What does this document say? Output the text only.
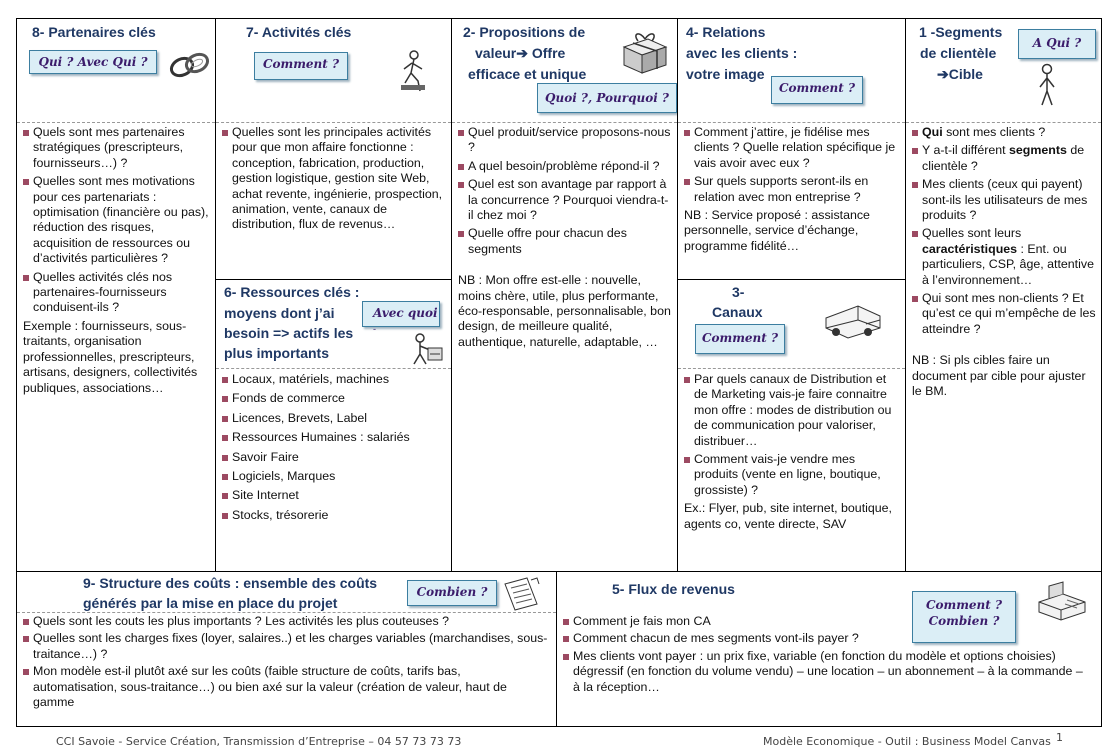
8- Partenaires clés
Qui ? Avec Qui ?
Quels sont mes partenaires stratégiques (prescripteurs, fournisseurs…) ?
Quelles sont mes motivations pour ces partenariats : optimisation (financière ou pas), réduction des risques, acquisition de ressources ou d’activités particulières ?
Quelles activités clés nos partenaires-fournisseurs conduisent-ils ?

Exemple : fournisseurs, sous-traitants, organisation professionnelles, prescripteurs, artisans, designers, collectivités publiques, associations…

7- Activités clés
Comment ?
Quelles sont les principales activités pour que mon affaire fonctionne : conception, fabrication, production, gestion logistique, gestion site Web, achat revente, ingénierie, prospection, animation, vente, canaux de distribution, flux de revenus…
6- Ressources clés :
moyens dont j’ai
besoin => actifs les
plus importants
Avec quoi
-
Locaux, matériels, machines
Fonds de commerce
Licences, Brevets, Label
Ressources Humaines : salariés
Savoir Faire
Logiciels, Marques
Site Internet
Stocks, trésorerie
2- Propositions de
valeur➔ Offre
efficace et unique
Quoi ?, Pourquoi ?
Quel produit/service proposons-nous ?
A quel besoin/problème répond-il ?
Quel est son avantage par rapport à la concurrence ? Pourquoi viendra-t-il chez moi ?
Quelle offre pour chacun des segments

NB : Mon offre est-elle : nouvelle, moins chère, utile, plus performante, éco-responsable, personnalisable, bon design, de meilleure qualité, authentique, naturelle, adaptable, …

4- Relations
avec les clients :
votre image
Comment ?
Comment j’attire, je fidélise mes clients ? Quelle relation spécifique je vais avoir avec eux ?
Sur quels supports seront-ils en relation avec mon entreprise ?

NB : Service proposé : assistance personnelle, service d’échange, programme fidélité…

3-
Canaux
Comment ?
Par quels canaux de Distribution et de Marketing vais-je faire connaitre mon offre : modes de distribution ou de communication pour valoriser, distribuer…
Comment vais-je vendre mes produits (vente en ligne, boutique, grossiste) ?

Ex.: Flyer, pub, site internet, boutique, agents co, vente directe, SAV

1 -Segments
de clientèle
➔Cible
A Qui ?
Qui sont mes clients ?
Y a-t-il différent segments de clientèle ?
Mes clients (ceux qui payent) sont-ils les utilisateurs de mes produits ?
Quelles sont leurs caractéristiques : Ent. ou particuliers, CSP, âge, attentive à l’environnement…
Qui sont mes non-clients ? Et qu’est ce qui m’empêche de les atteindre ?

NB : Si pls cibles faire un document par cible pour ajuster le BM.

9- Structure des coûts : ensemble des coûts
générés par la mise en place du projet
Combien ?
Quels sont les couts les plus importants ? Les activités les plus couteuses ?
Quelles sont les charges fixes (loyer, salaires..) et les charges variables (marchandises, sous-traitance…) ?
Mon modèle est-il plutôt axé sur les coûts (faible structure de coûts, tarifs bas, automatisation, sous-traitance…) ou bien axé sur la valeur (création de valeur, haut de gamme
5- Flux de revenus
Comment ?
Combien ?
Comment je fais mon CA
Comment chacun de mes segments vont-ils payer ?
Mes clients vont payer : un prix fixe, variable (en fonction du modèle et options choisies) dégressif (en fonction du volume vendu) – une location – un abonnement – à la commande – à la réception…
CCI Savoie - Service Création, Transmission d’Entreprise – 04 57 73 73 73	Modèle Economique - Outil : Business Model Canvas 1
